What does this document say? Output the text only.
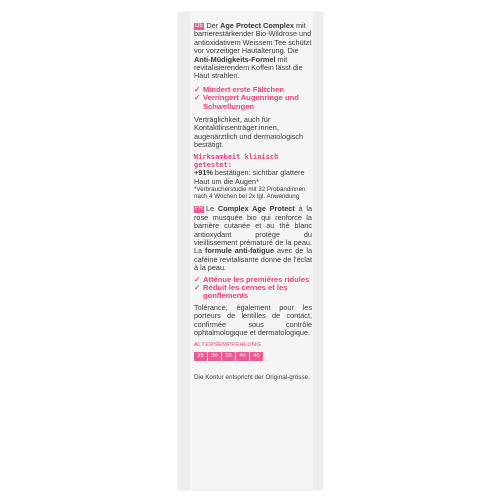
DE Der Age Protect Complex mit barrierestärkender Bio-Wildrose und antioxidativem Weissem Tee schützt vor vorzeitiger Hautalterung. Die Anti-Müdigkeits-Formel mit revitalisierendem Koffein lässt die Haut strahlen.
✓ Mindert erste Fältchen
✓ Verringert Augenringe und Schwellungen
Verträglichkeit, auch für Kontaktlinsenträger:innen, augenärztlich und dermatologisch bestätigt.
Wirksamkeit klinisch getestet:
+91% bestätigen: sichtbar glattere Haut um die Augen*
*Verbraucherstudie mit 32 Probandinnen nach 4 Wochen bei 2x tgl. Anwendung
FR Le Complex Age Protect à la rose musquée bio qui renforce la barrière cutanée et au thé blanc antioxydant protège du vieillissement prématuré de la peau. La formule anti-fatigue avec de la caféine revitalisante donne de l'éclat à la peau.
✓ Atténue les premières ridules
✓ Réduit les cernes et les gonflements
Tolérance, également pour les porteurs de lentilles de contact, confirmée sous contrôle ophtalmologique et dermatologique.
ALTERSEMPFEHLUNG
25	30	35	40	45
Die Kontur entspricht der Original-grösse.
